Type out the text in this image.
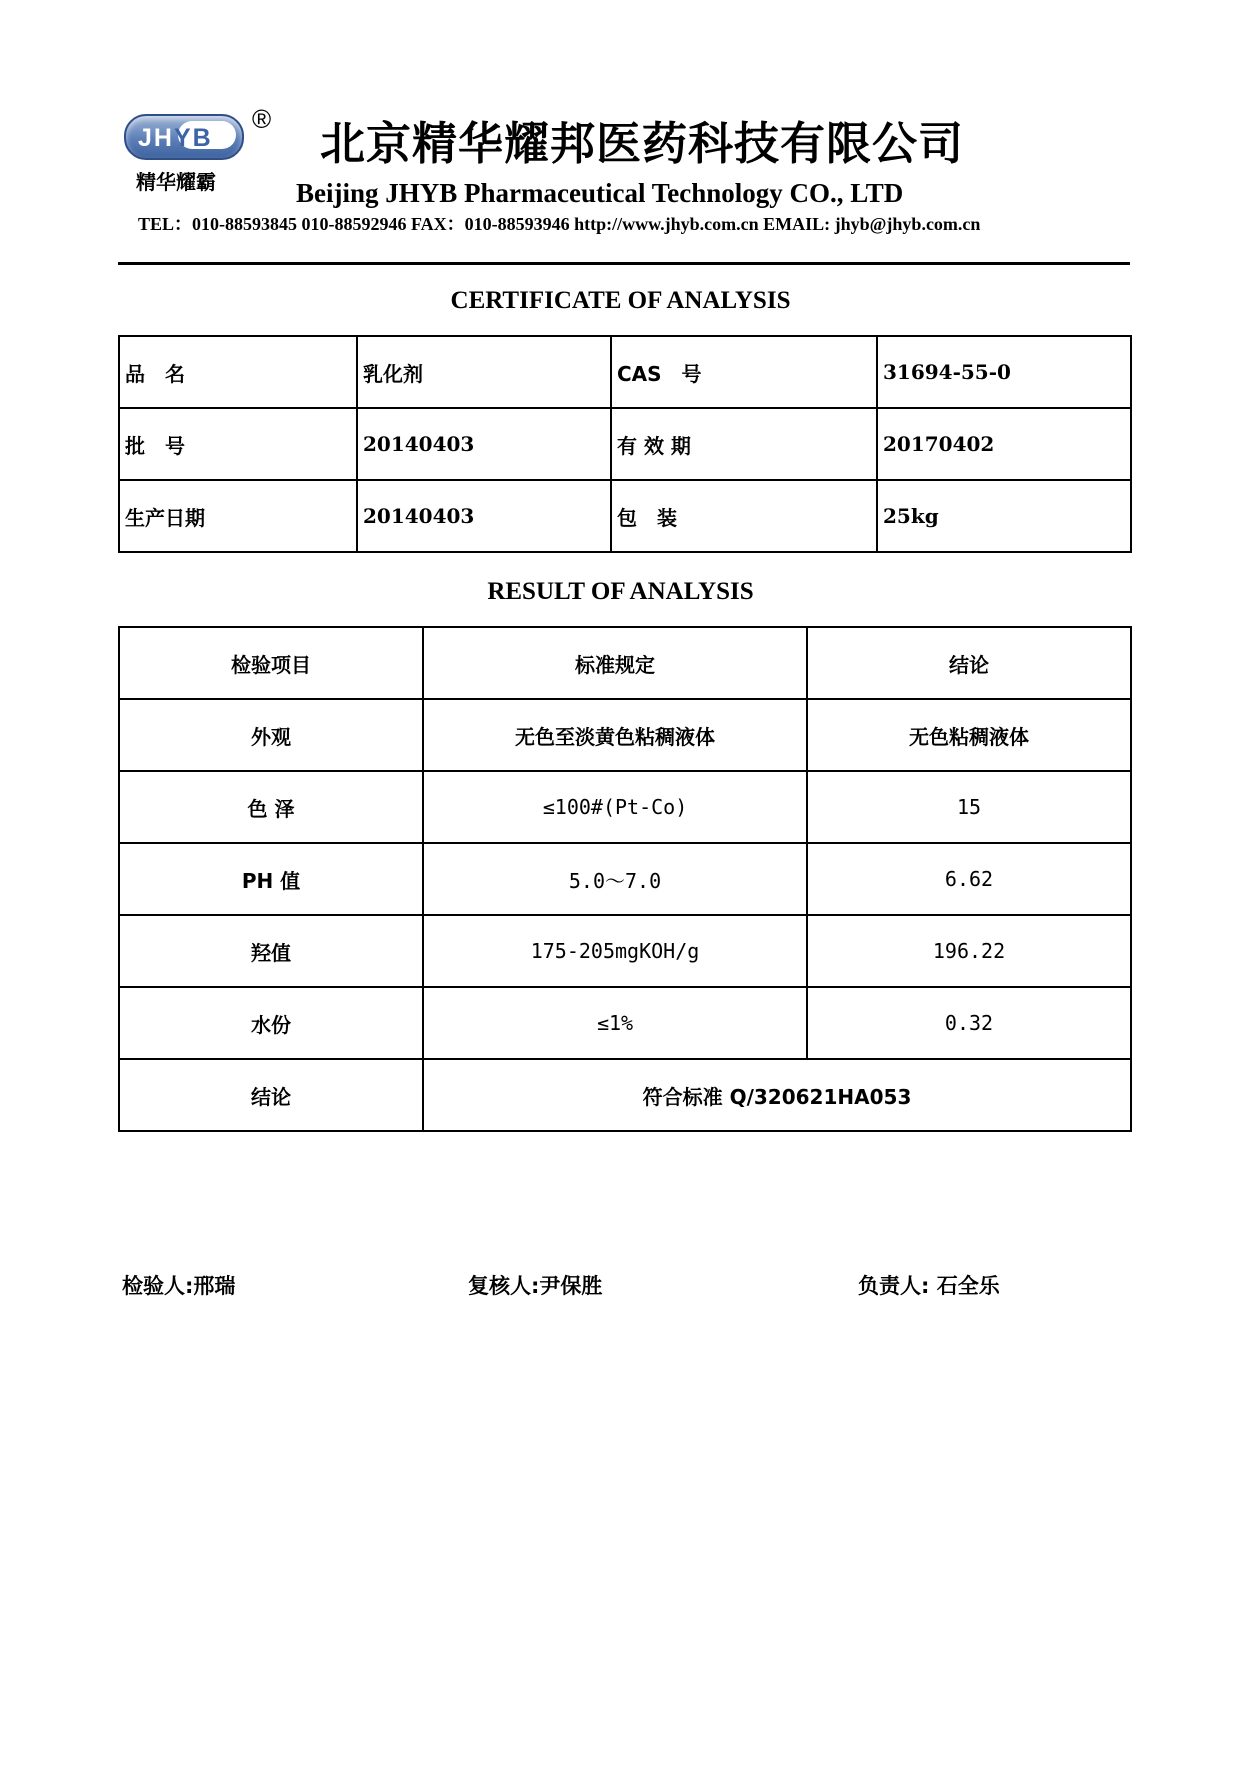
JHYB
®
精华耀霸
北京精华耀邦医药科技有限公司
Beijing JHYB Pharmaceutical Technology CO., LTD
TEL：010-88593845 010-88592946 FAX：010-88593946 http://www.jhyb.com.cn EMAIL: jhyb@jhyb.com.cn
CERTIFICATE OF ANALYSIS
品　名	乳化剂	CAS　号	31694-55-0
批　号	20140403	有 效 期	20170402
生产日期	20140403	包　装	25kg
RESULT OF ANALYSIS
检验项目	标准规定	结论
外观	无色至淡黄色粘稠液体	无色粘稠液体
色 泽	≤100#(Pt-Co)	15
PH 值	5.0～7.0	6.62
羟值	175-205mgKOH/g	196.22
水份	≤1%	0.32
结论	符合标准 Q/320621HA053	
检验人:邢瑞	复核人:尹保胜	负责人: 石全乐
